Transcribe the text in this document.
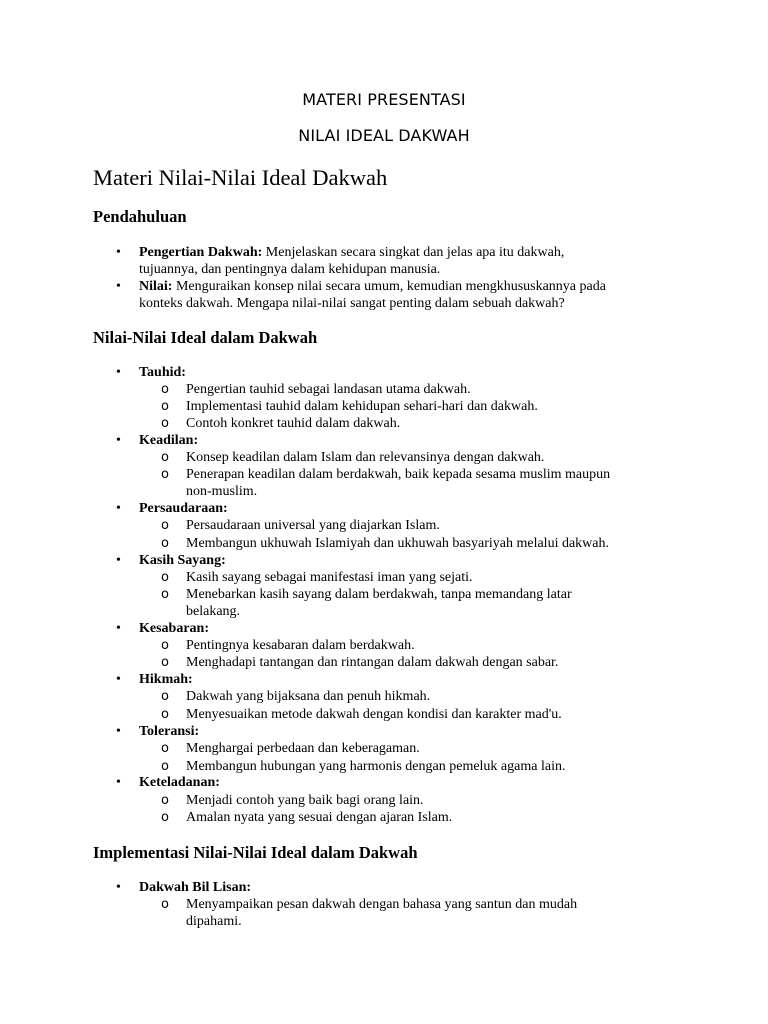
MATERI PRESENTASI
NILAI IDEAL DAKWAH
Materi Nilai-Nilai Ideal Dakwah
Pendahuluan
• Pengertian Dakwah: Menjelaskan secara singkat dan jelas apa itu dakwah,
tujuannya, dan pentingnya dalam kehidupan manusia.
• Nilai: Menguraikan konsep nilai secara umum, kemudian mengkhususkannya pada
konteks dakwah. Mengapa nilai-nilai sangat penting dalam sebuah dakwah?
Nilai-Nilai Ideal dalam Dakwah
• Tauhid:
o Pengertian tauhid sebagai landasan utama dakwah.
o Implementasi tauhid dalam kehidupan sehari-hari dan dakwah.
o Contoh konkret tauhid dalam dakwah.
• Keadilan:
o Konsep keadilan dalam Islam dan relevansinya dengan dakwah.
o Penerapan keadilan dalam berdakwah, baik kepada sesama muslim maupun
non-muslim.
• Persaudaraan:
o Persaudaraan universal yang diajarkan Islam.
o Membangun ukhuwah Islamiyah dan ukhuwah basyariyah melalui dakwah.
• Kasih Sayang:
o Kasih sayang sebagai manifestasi iman yang sejati.
o Menebarkan kasih sayang dalam berdakwah, tanpa memandang latar
belakang.
• Kesabaran:
o Pentingnya kesabaran dalam berdakwah.
o Menghadapi tantangan dan rintangan dalam dakwah dengan sabar.
• Hikmah:
o Dakwah yang bijaksana dan penuh hikmah.
o Menyesuaikan metode dakwah dengan kondisi dan karakter mad'u.
• Toleransi:
o Menghargai perbedaan dan keberagaman.
o Membangun hubungan yang harmonis dengan pemeluk agama lain.
• Keteladanan:
o Menjadi contoh yang baik bagi orang lain.
o Amalan nyata yang sesuai dengan ajaran Islam.
Implementasi Nilai-Nilai Ideal dalam Dakwah
• Dakwah Bil Lisan:
o Menyampaikan pesan dakwah dengan bahasa yang santun dan mudah
dipahami.
